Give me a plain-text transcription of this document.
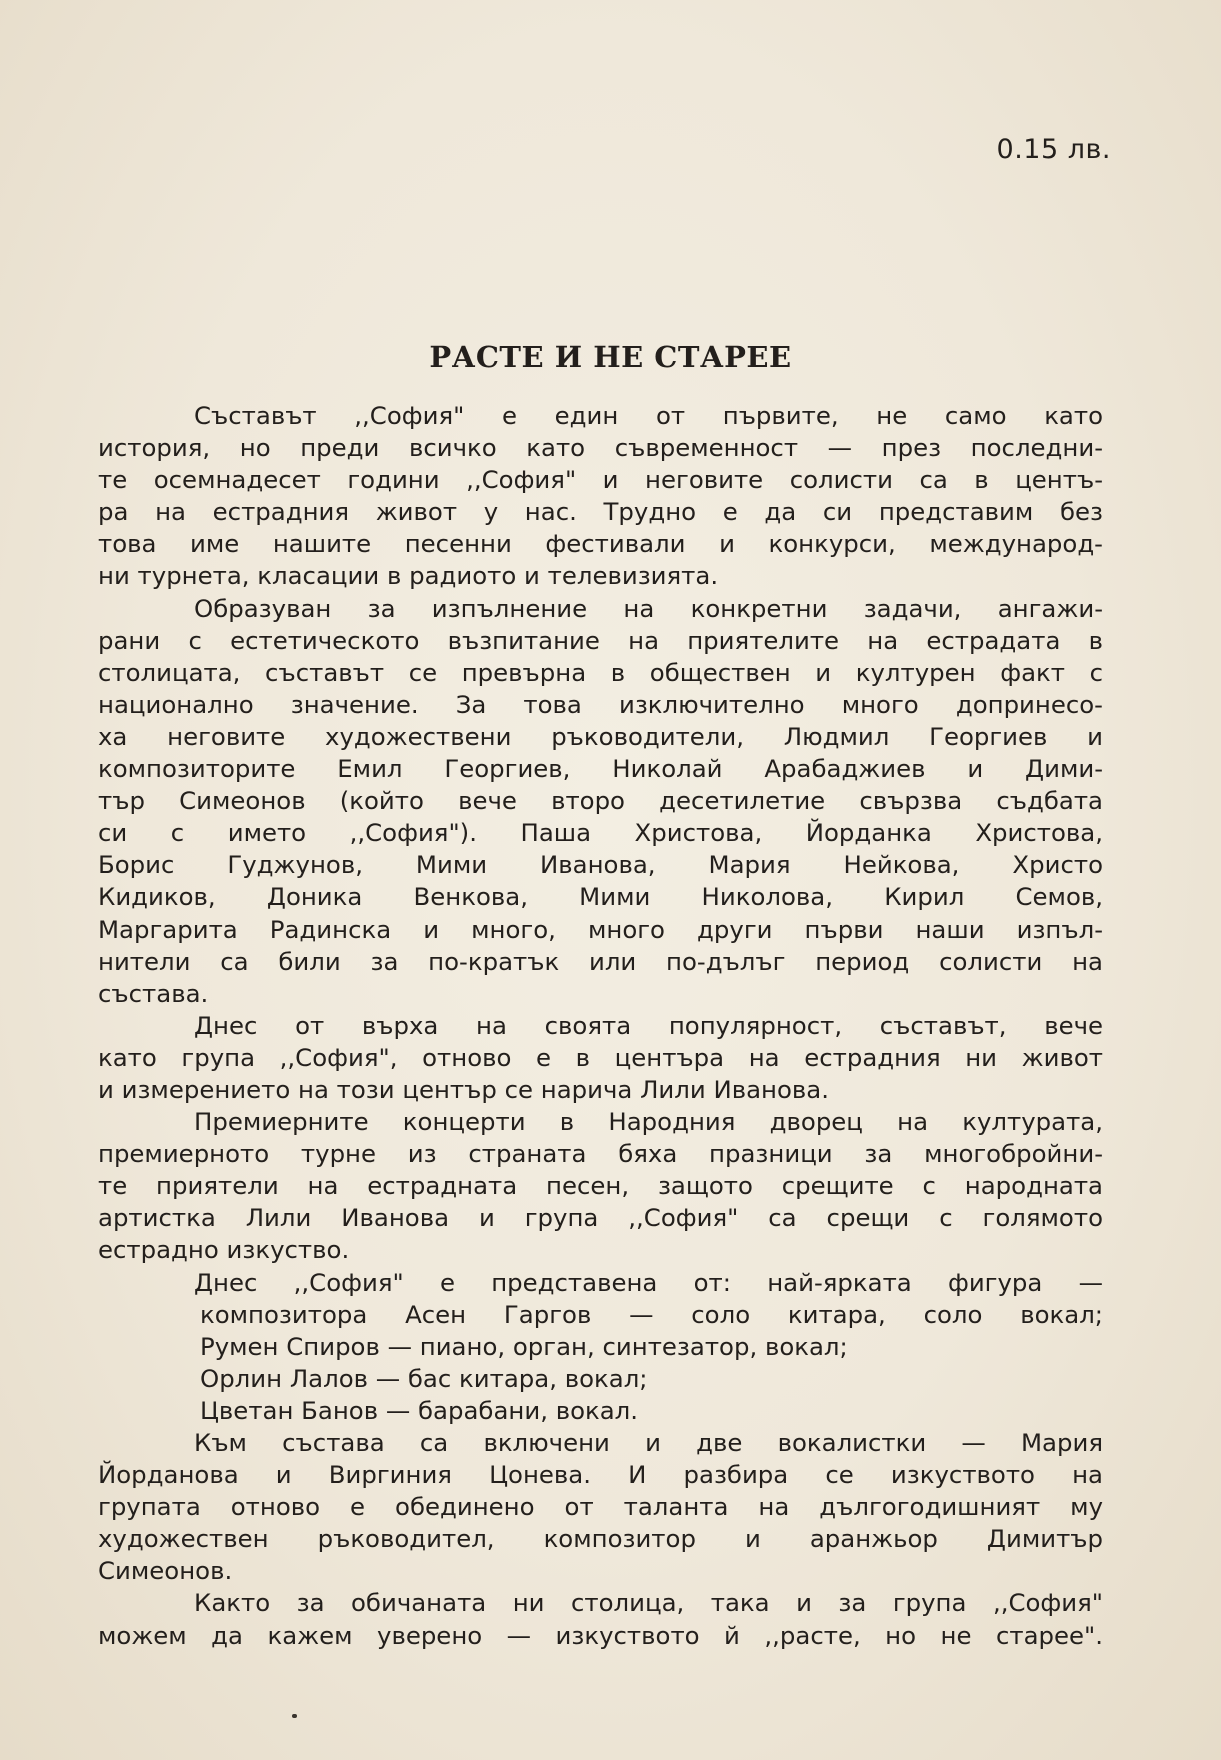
0.15 лв.
РАСТЕ И НЕ СТАРЕЕ
Съставът ,,София" е един от първите, не само като
история, но преди всичко като съвременност — през последни-
те осемнадесет години ,,София" и неговите солисти са в центъ-
ра на естрадния живот у нас. Трудно е да си представим без
това име нашите песенни фестивали и конкурси, международ-
ни турнета, класации в радиото и телевизията.
Образуван за изпълнение на конкретни задачи, ангажи-
рани с естетическото възпитание на приятелите на естрадата в
столицата, съставът се превърна в обществен и културен факт с
национално значение. За това изключително много допринесо-
ха неговите художествени ръководители, Людмил Георгиев и
композиторите Емил Георгиев, Николай Арабаджиев и Дими-
тър Симеонов (който вече второ десетилетие свързва съдбата
си с името ,,София"). Паша Христова, Йорданка Христова,
Борис Гуджунов, Мими Иванова, Мария Нейкова, Христо
Кидиков, Доника Венкова, Мими Николова, Кирил Семов,
Маргарита Радинска и много, много други първи наши изпъл-
нители са били за по-кратък или по-дълъг период солисти на
състава.
Днес от върха на своята популярност, съставът, вече
като група ,,София", отново е в центъра на естрадния ни живот
и измерението на този център се нарича Лили Иванова.
Премиерните концерти в Народния дворец на културата,
премиерното турне из страната бяха празници за многобройни-
те приятели на естрадната песен, защото срещите с народната
артистка Лили Иванова и група ,,София" са срещи с голямото
естрадно изкуство.
Днес ,,София" е представена от: най-ярката фигура —
композитора Асен Гаргов — соло китара, соло вокал;
Румен Спиров — пиано, орган, синтезатор, вокал;
Орлин Лалов — бас китара, вокал;
Цветан Банов — барабани, вокал.
Към състава са включени и две вокалистки — Мария
Йорданова и Виргиния Цонева. И разбира се изкуството на
групата отново е обединено от таланта на дългогодишният му
художествен ръководител, композитор и аранжьор Димитър
Симеонов.
Както за обичаната ни столица, така и за група ,,София"
можем да кажем уверено — изкуството й ,,расте, но не старее".
